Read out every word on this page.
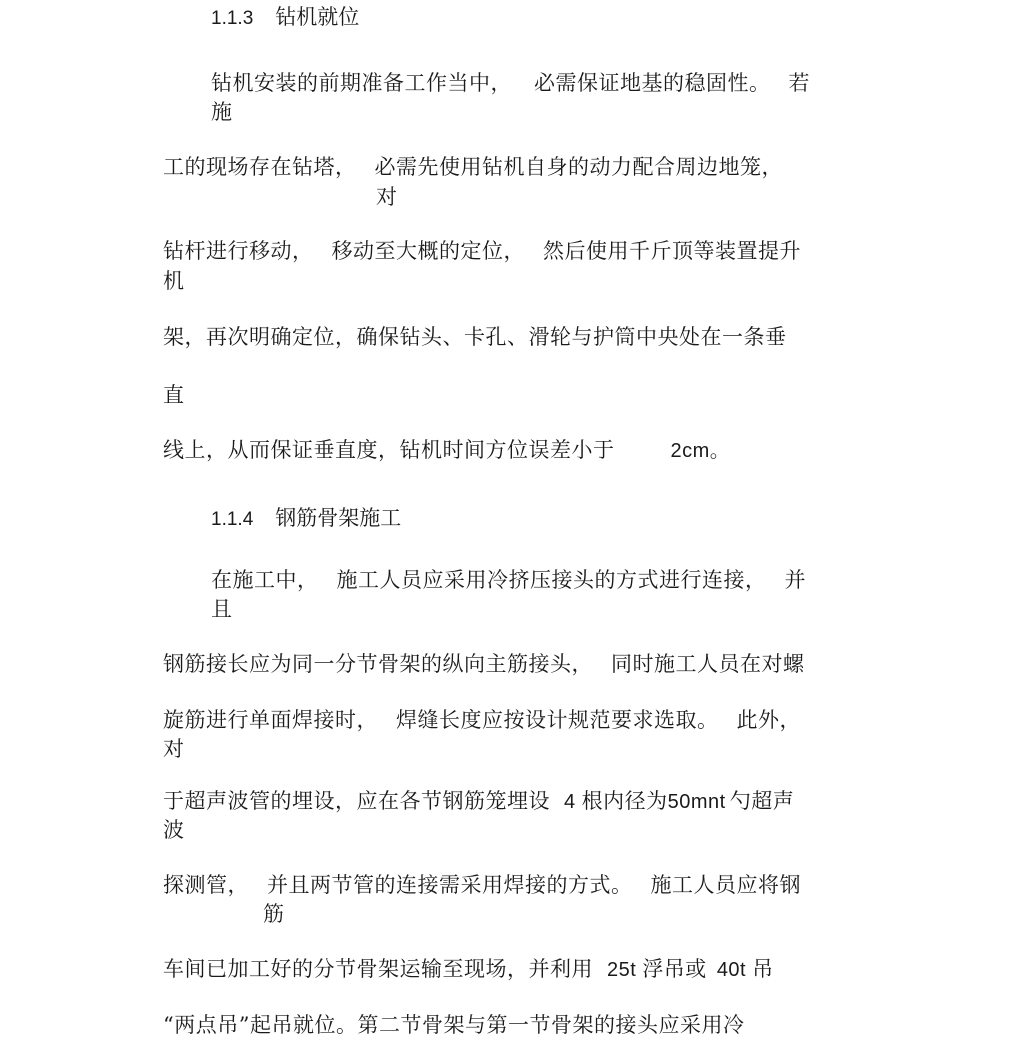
1.1.3 钻机就位
钻机安装的前期准备工作当中， 必需保证地基的稳固性。 若
施
工的现场存在钻塔， 必需先使用钻机自身的动力配合周边地笼，
对
钻杆进行移动， 移动至大概的定位， 然后使用千斤顶等装置提升
机
架，再次明确定位，确保钻头、卡孔、滑轮与护筒中央处在一条垂
直
线上，从而保证垂直度，钻机时间方位误差小于	2cm。
1.1.4 钢筋骨架施工
在施工中， 施工人员应采用冷挤压接头的方式进行连接， 并
且
钢筋接长应为同一分节骨架的纵向主筋接头， 同时施工人员在对螺
旋筋进行单面焊接时， 焊缝长度应按设计规范要求选取。 此外，
对
于超声波管的埋设，应在各节钢筋笼埋设 4 根内径为50mnt 勺超声
波
探测管， 并且两节管的连接需采用焊接的方式。 施工人员应将钢
筋
车间已加工好的分节骨架运输至现场，并利用 25t 浮吊或 40t 吊
“两点吊”起吊就位。第二节骨架与第一节骨架的接头应采用冷
